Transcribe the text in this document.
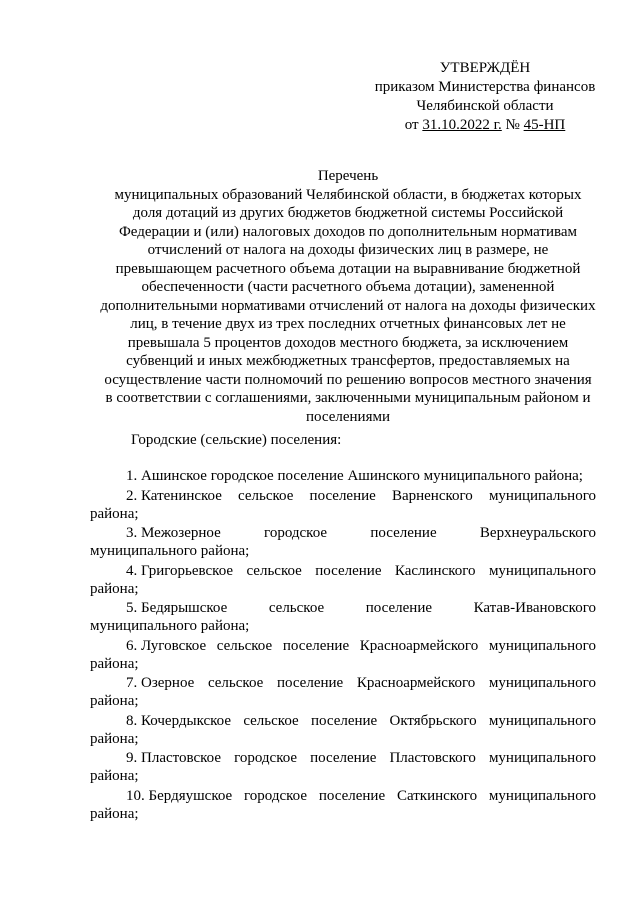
УТВЕРЖДЁН
приказом Министерства финансов
Челябинской области
от 31.10.2022 г. № 45-НП
Перечень
муниципальных образований Челябинской области, в бюджетах которых
доля дотаций из других бюджетов бюджетной системы Российской
Федерации и (или) налоговых доходов по дополнительным нормативам
отчислений от налога на доходы физических лиц в размере, не
превышающем расчетного объема дотации на выравнивание бюджетной
обеспеченности (части расчетного объема дотации), замененной
дополнительными нормативами отчислений от налога на доходы физических
лиц, в течение двух из трех последних отчетных финансовых лет не
превышала 5 процентов доходов местного бюджета, за исключением
субвенций и иных межбюджетных трансфертов, предоставляемых на
осуществление части полномочий по решению вопросов местного значения
в соответствии с соглашениями, заключенными муниципальным районом и
поселениями
Городские (сельские) поселения:
1. Ашинское городское поселение Ашинского муниципального района;
2. Катенинское сельское поселение Варненского муниципального
района;
3. Межозерное	городское	поселение	Верхнеуральского
муниципального района;
4. Григорьевское сельское поселение Каслинского муниципального
района;
5. Бедярышское	сельское	поселение	Катав-Ивановского
муниципального района;
6. Луговское сельское поселение Красноармейского муниципального
района;
7. Озерное сельское поселение Красноармейского муниципального
района;
8. Кочердыкское сельское поселение Октябрьского муниципального
района;
9. Пластовское городское поселение Пластовского муниципального
района;
10. Бердяушское городское поселение Саткинского муниципального
района;
